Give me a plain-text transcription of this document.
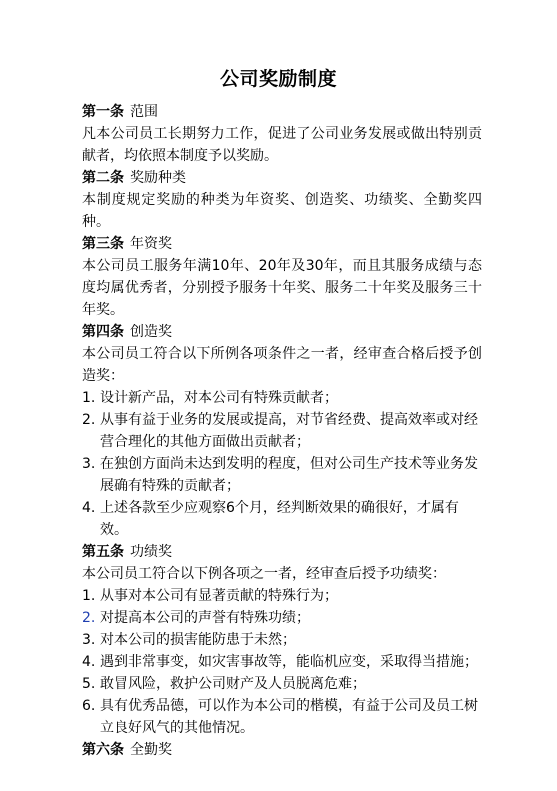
公司奖励制度
第一条 范围

凡本公司员工长期努力工作，促进了公司业务发展或做出特别贡献者，均依照本制度予以奖励。

第二条 奖励种类

本制度规定奖励的种类为年资奖、创造奖、功绩奖、全勤奖四种。

第三条 年资奖

本公司员工服务年满10年、20年及30年，而且其服务成绩与态度均属优秀者，分别授予服务十年奖、服务二十年奖及服务三十年奖。

第四条 创造奖

本公司员工符合以下所例各项条件之一者，经审查合格后授予创造奖：

1. 设计新产品，对本公司有特殊贡献者；
2. 从事有益于业务的发展或提高，对节省经费、提高效率或对经营合理化的其他方面做出贡献者；
3. 在独创方面尚未达到发明的程度，但对公司生产技术等业务发展确有特殊的贡献者；
4. 上述各款至少应观察6个月，经判断效果的确很好，才属有效。
第五条 功绩奖

本公司员工符合以下例各项之一者，经审查后授予功绩奖：

1. 从事对本公司有显著贡献的特殊行为；
2. 对提高本公司的声誉有特殊功绩；
3. 对本公司的损害能防患于未然；
4. 遇到非常事变，如灾害事故等，能临机应变，采取得当措施；
5. 敢冒风险，救护公司财产及人员脱离危难；
6. 具有优秀品德，可以作为本公司的楷模，有益于公司及员工树立良好风气的其他情况。
第六条 全勤奖
